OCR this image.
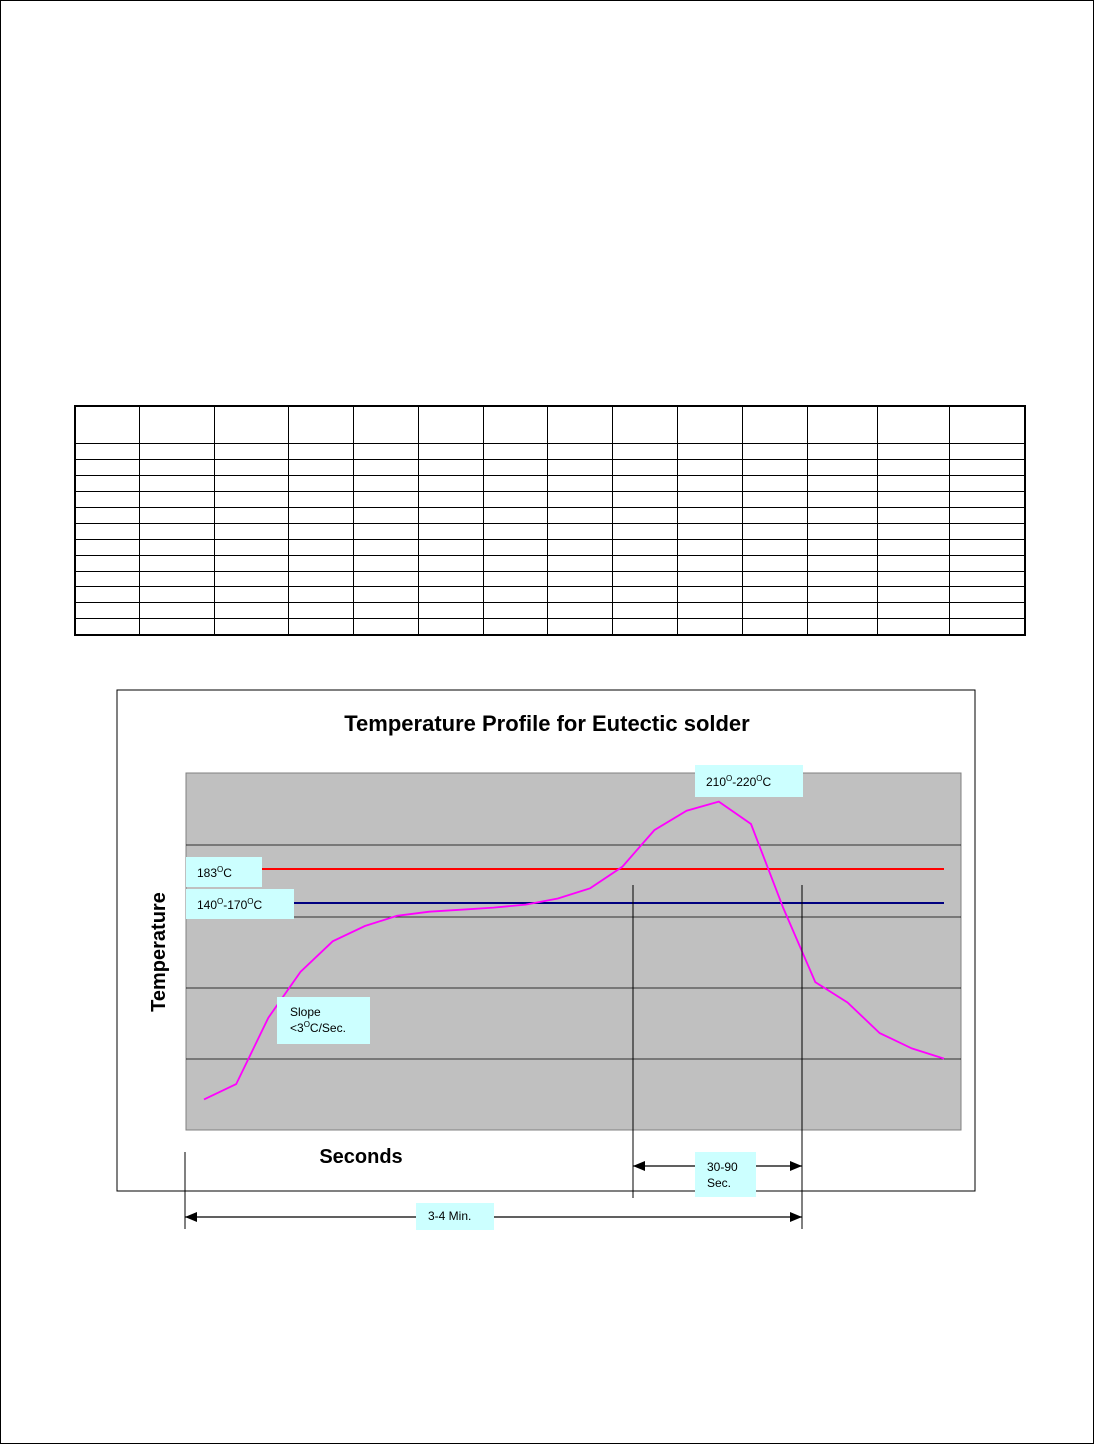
Temperature Profile for Eutectic solder
Temperature
Seconds
$210^O-220^OC$
$183^OC$
$140^O-170^OC$
Slope
$<3^OC$/Sec.
30-90
Sec.
3-4 Min.
